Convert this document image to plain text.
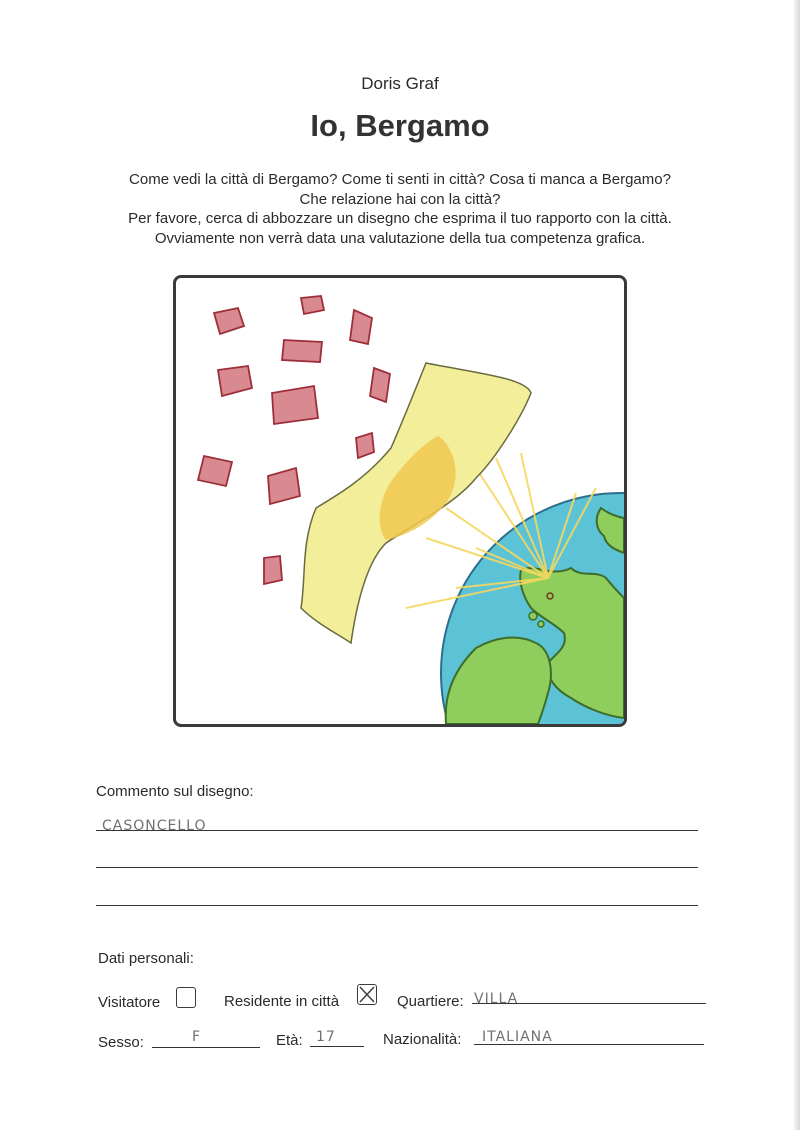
Doris Graf
Io, Bergamo
Come vedi la città di Bergamo? Come ti senti in città? Cosa ti manca a Bergamo?
Che relazione hai con la città?
Per favore, cerca di abbozzare un disegno che esprima il tuo rapporto con la città.
Ovviamente non verrà data una valutazione della tua competenza grafica.
Commento sul disegno:
CASONCELLO
Dati personali:
Visitatore	Residente in città	Quartiere: VILLA
Sesso:	F	Età: 17	Nazionalità: ITALIANA
